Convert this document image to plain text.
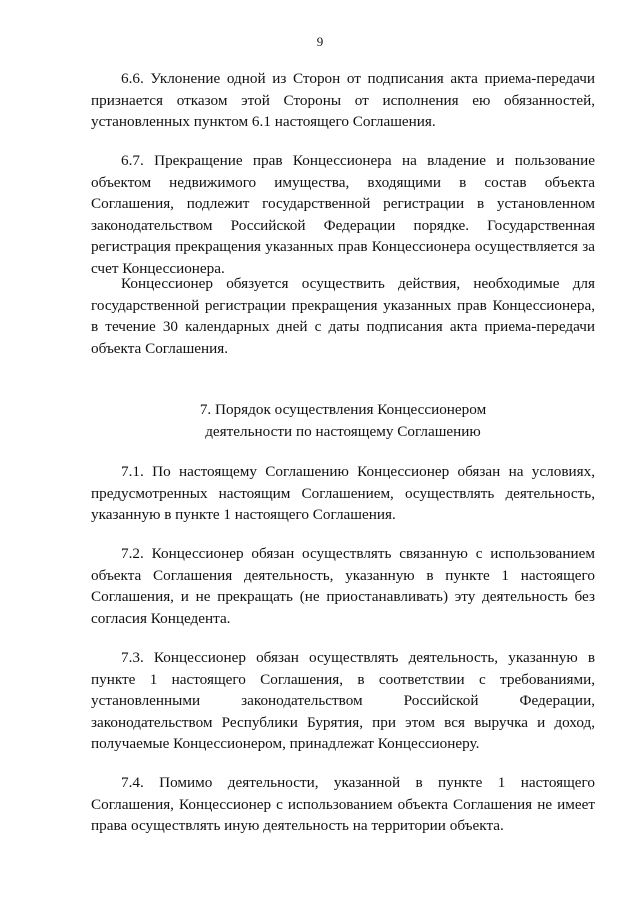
9

6.6. Уклонение одной из Сторон от подписания акта приема-передачи признается отказом этой Стороны от исполнения ею обязанностей, установленных пунктом 6.1 настоящего Соглашения.

6.7. Прекращение прав Концессионера на владение и пользование объектом недвижимого имущества, входящими в состав объекта Соглашения, подлежит государственной регистрации в установленном законодательством Российской Федерации порядке. Государственная регистрация прекращения указанных прав Концессионера осуществляется за счет Концессионера.

Концессионер обязуется осуществить действия, необходимые для государственной регистрации прекращения указанных прав Концессионера, в течение 30 календарных дней с даты подписания акта приема-передачи объекта Соглашения.

7. Порядок осуществления Концессионером
деятельности по настоящему Соглашению

7.1. По настоящему Соглашению Концессионер обязан на условиях, предусмотренных настоящим Соглашением, осуществлять деятельность, указанную в пункте 1 настоящего Соглашения.

7.2. Концессионер обязан осуществлять связанную с использованием объекта Соглашения деятельность, указанную в пункте 1 настоящего Соглашения, и не прекращать (не приостанавливать) эту деятельность без согласия Концедента.

7.3. Концессионер обязан осуществлять деятельность, указанную в пункте 1 настоящего Соглашения, в соответствии с требованиями, установленными законодательством Российской Федерации, законодательством Республики Бурятия, при этом вся выручка и доход, получаемые Концессионером, принадлежат Концессионеру.

7.4. Помимо деятельности, указанной в пункте 1 настоящего Соглашения, Концессионер с использованием объекта Соглашения не имеет права осуществлять иную деятельность на территории объекта.
